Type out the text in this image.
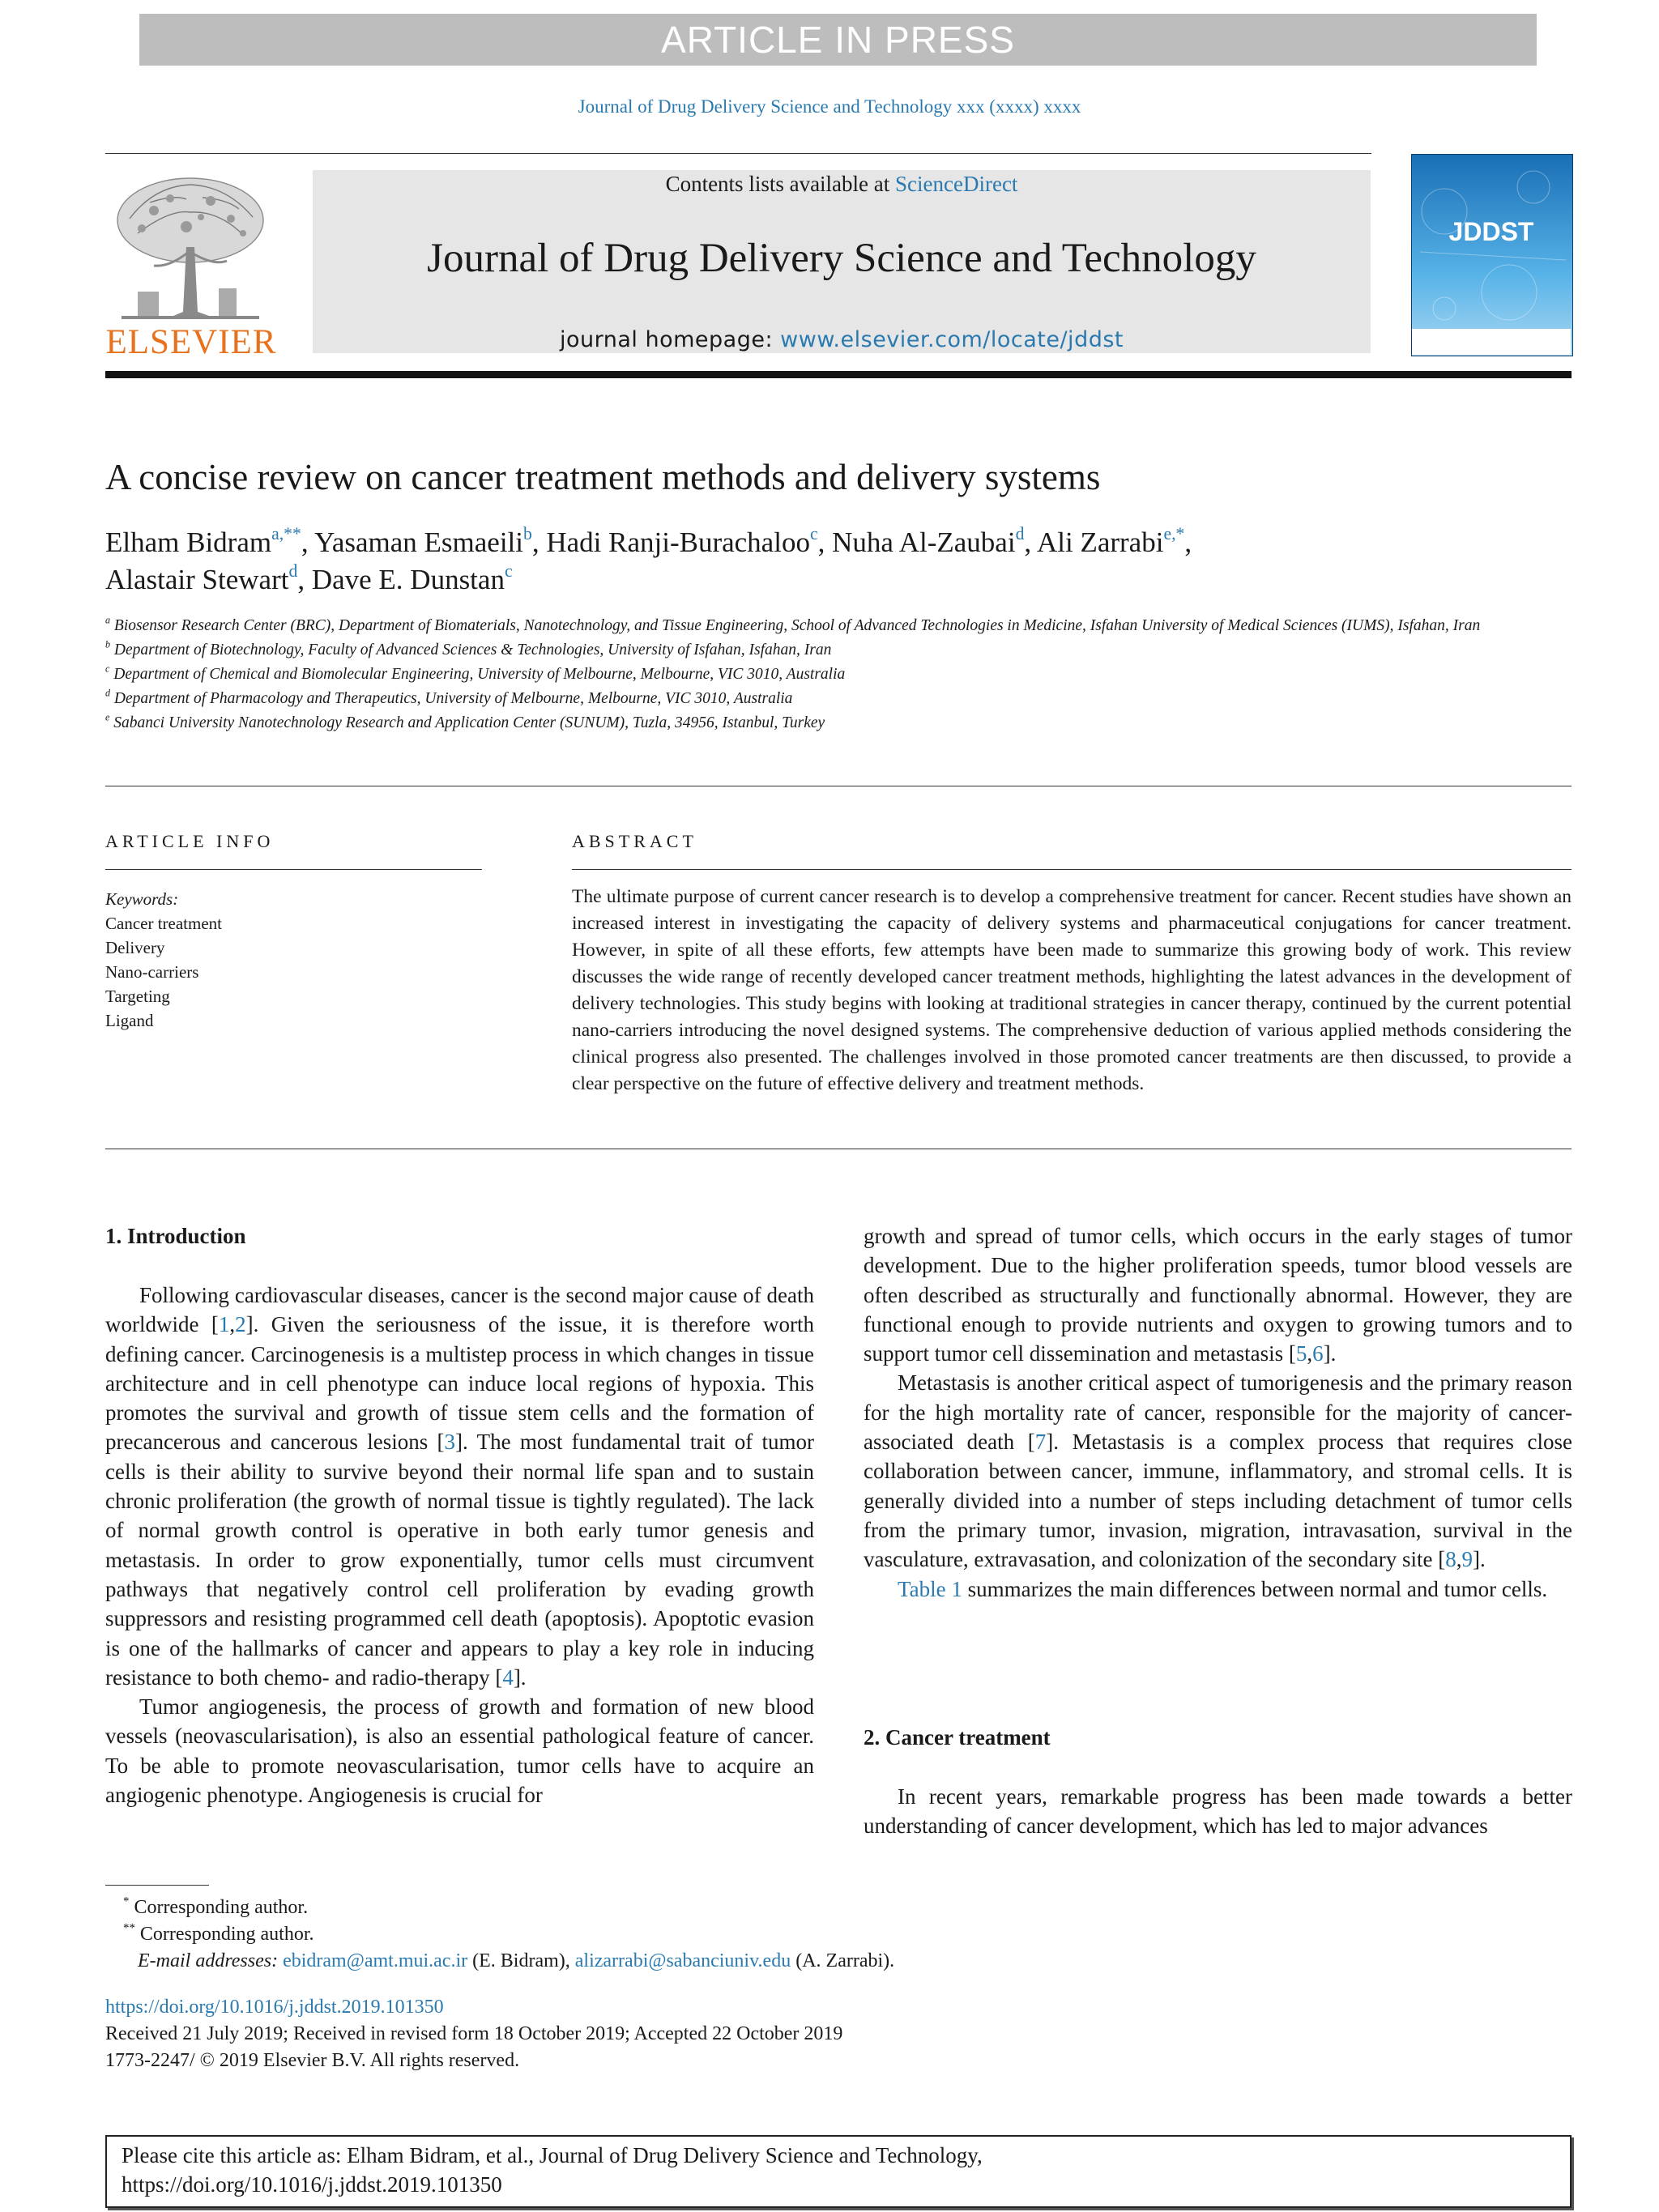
ARTICLE IN PRESS
Journal of Drug Delivery Science and Technology xxx (xxxx) xxxx
Contents lists available at ScienceDirect
Journal of Drug Delivery Science and Technology
journal homepage: www.elsevier.com/locate/jddst
ELSEVIER
JDDST
A concise review on cancer treatment methods and delivery systems
Elham Bidram$^{a,**}$, Yasaman Esmaeili$^b$, Hadi Ranji-Burachaloo$^c$, Nuha Al-Zaubai$^d$, Ali Zarrabi$^{e,*}$,
Alastair Stewart$^d$, Dave E. Dunstan$^c$
$^a$ Biosensor Research Center (BRC), Department of Biomaterials, Nanotechnology, and Tissue Engineering, School of Advanced Technologies in Medicine, Isfahan University of Medical Sciences (IUMS), Isfahan, Iran
$^b$ Department of Biotechnology, Faculty of Advanced Sciences & Technologies, University of Isfahan, Isfahan, Iran
$^c$ Department of Chemical and Biomolecular Engineering, University of Melbourne, Melbourne, VIC 3010, Australia
$^d$ Department of Pharmacology and Therapeutics, University of Melbourne, Melbourne, VIC 3010, Australia
$^e$ Sabanci University Nanotechnology Research and Application Center (SUNUM), Tuzla, 34956, Istanbul, Turkey
ARTICLE INFO	ABSTRACT
Keywords:
Cancer treatment
Delivery
Nano-carriers
Targeting
Ligand
The ultimate purpose of current cancer research is to develop a comprehensive treatment for cancer. Recent studies have shown an increased interest in investigating the capacity of delivery systems and pharmaceutical conjugations for cancer treatment. However, in spite of all these efforts, few attempts have been made to summarize this growing body of work. This review discusses the wide range of recently developed cancer treatment methods, highlighting the latest advances in the development of delivery technologies. This study begins with looking at traditional strategies in cancer therapy, continued by the current potential nano-carriers introducing the novel designed systems. The comprehensive deduction of various applied methods considering the clinical progress also presented. The challenges involved in those promoted cancer treatments are then discussed, to provide a clear perspective on the future of effective delivery and treatment methods.
1. Introduction

Following cardiovascular diseases, cancer is the second major cause of death worldwide [1,2]. Given the seriousness of the issue, it is therefore worth defining cancer. Carcinogenesis is a multistep process in which changes in tissue architecture and in cell phenotype can induce local regions of hypoxia. This promotes the survival and growth of tissue stem cells and the formation of precancerous and cancerous lesions [3]. The most fundamental trait of tumor cells is their ability to survive beyond their normal life span and to sustain chronic proliferation (the growth of normal tissue is tightly regulated). The lack of normal growth control is operative in both early tumor genesis and metastasis. In order to grow exponentially, tumor cells must circumvent pathways that negatively control cell proliferation by evading growth suppressors and resisting programmed cell death (apoptosis). Apoptotic evasion is one of the hallmarks of cancer and appears to play a key role in inducing resistance to both chemo- and radio-therapy [4].

Tumor angiogenesis, the process of growth and formation of new blood vessels (neovascularisation), is also an essential pathological feature of cancer. To be able to promote neovascularisation, tumor cells have to acquire an angiogenic phenotype. Angiogenesis is crucial for

growth and spread of tumor cells, which occurs in the early stages of tumor development. Due to the higher proliferation speeds, tumor blood vessels are often described as structurally and functionally abnormal. However, they are functional enough to provide nutrients and oxygen to growing tumors and to support tumor cell dissemination and metastasis [5,6].

Metastasis is another critical aspect of tumorigenesis and the primary reason for the high mortality rate of cancer, responsible for the majority of cancer-associated death [7]. Metastasis is a complex process that requires close collaboration between cancer, immune, inflammatory, and stromal cells. It is generally divided into a number of steps including detachment of tumor cells from the primary tumor, invasion, migration, intravasation, survival in the vasculature, extravasation, and colonization of the secondary site [8,9].

Table 1 summarizes the main differences between normal and tumor cells.

2. Cancer treatment

In recent years, remarkable progress has been made towards a better understanding of cancer development, which has led to major advances

* Corresponding author.
** Corresponding author.
E-mail addresses: ebidram@amt.mui.ac.ir (E. Bidram), alizarrabi@sabanciuniv.edu (A. Zarrabi).
https://doi.org/10.1016/j.jddst.2019.101350
Received 21 July 2019; Received in revised form 18 October 2019; Accepted 22 October 2019
1773-2247/ © 2019 Elsevier B.V. All rights reserved.
Please cite this article as: Elham Bidram, et al., Journal of Drug Delivery Science and Technology,
https://doi.org/10.1016/j.jddst.2019.101350
